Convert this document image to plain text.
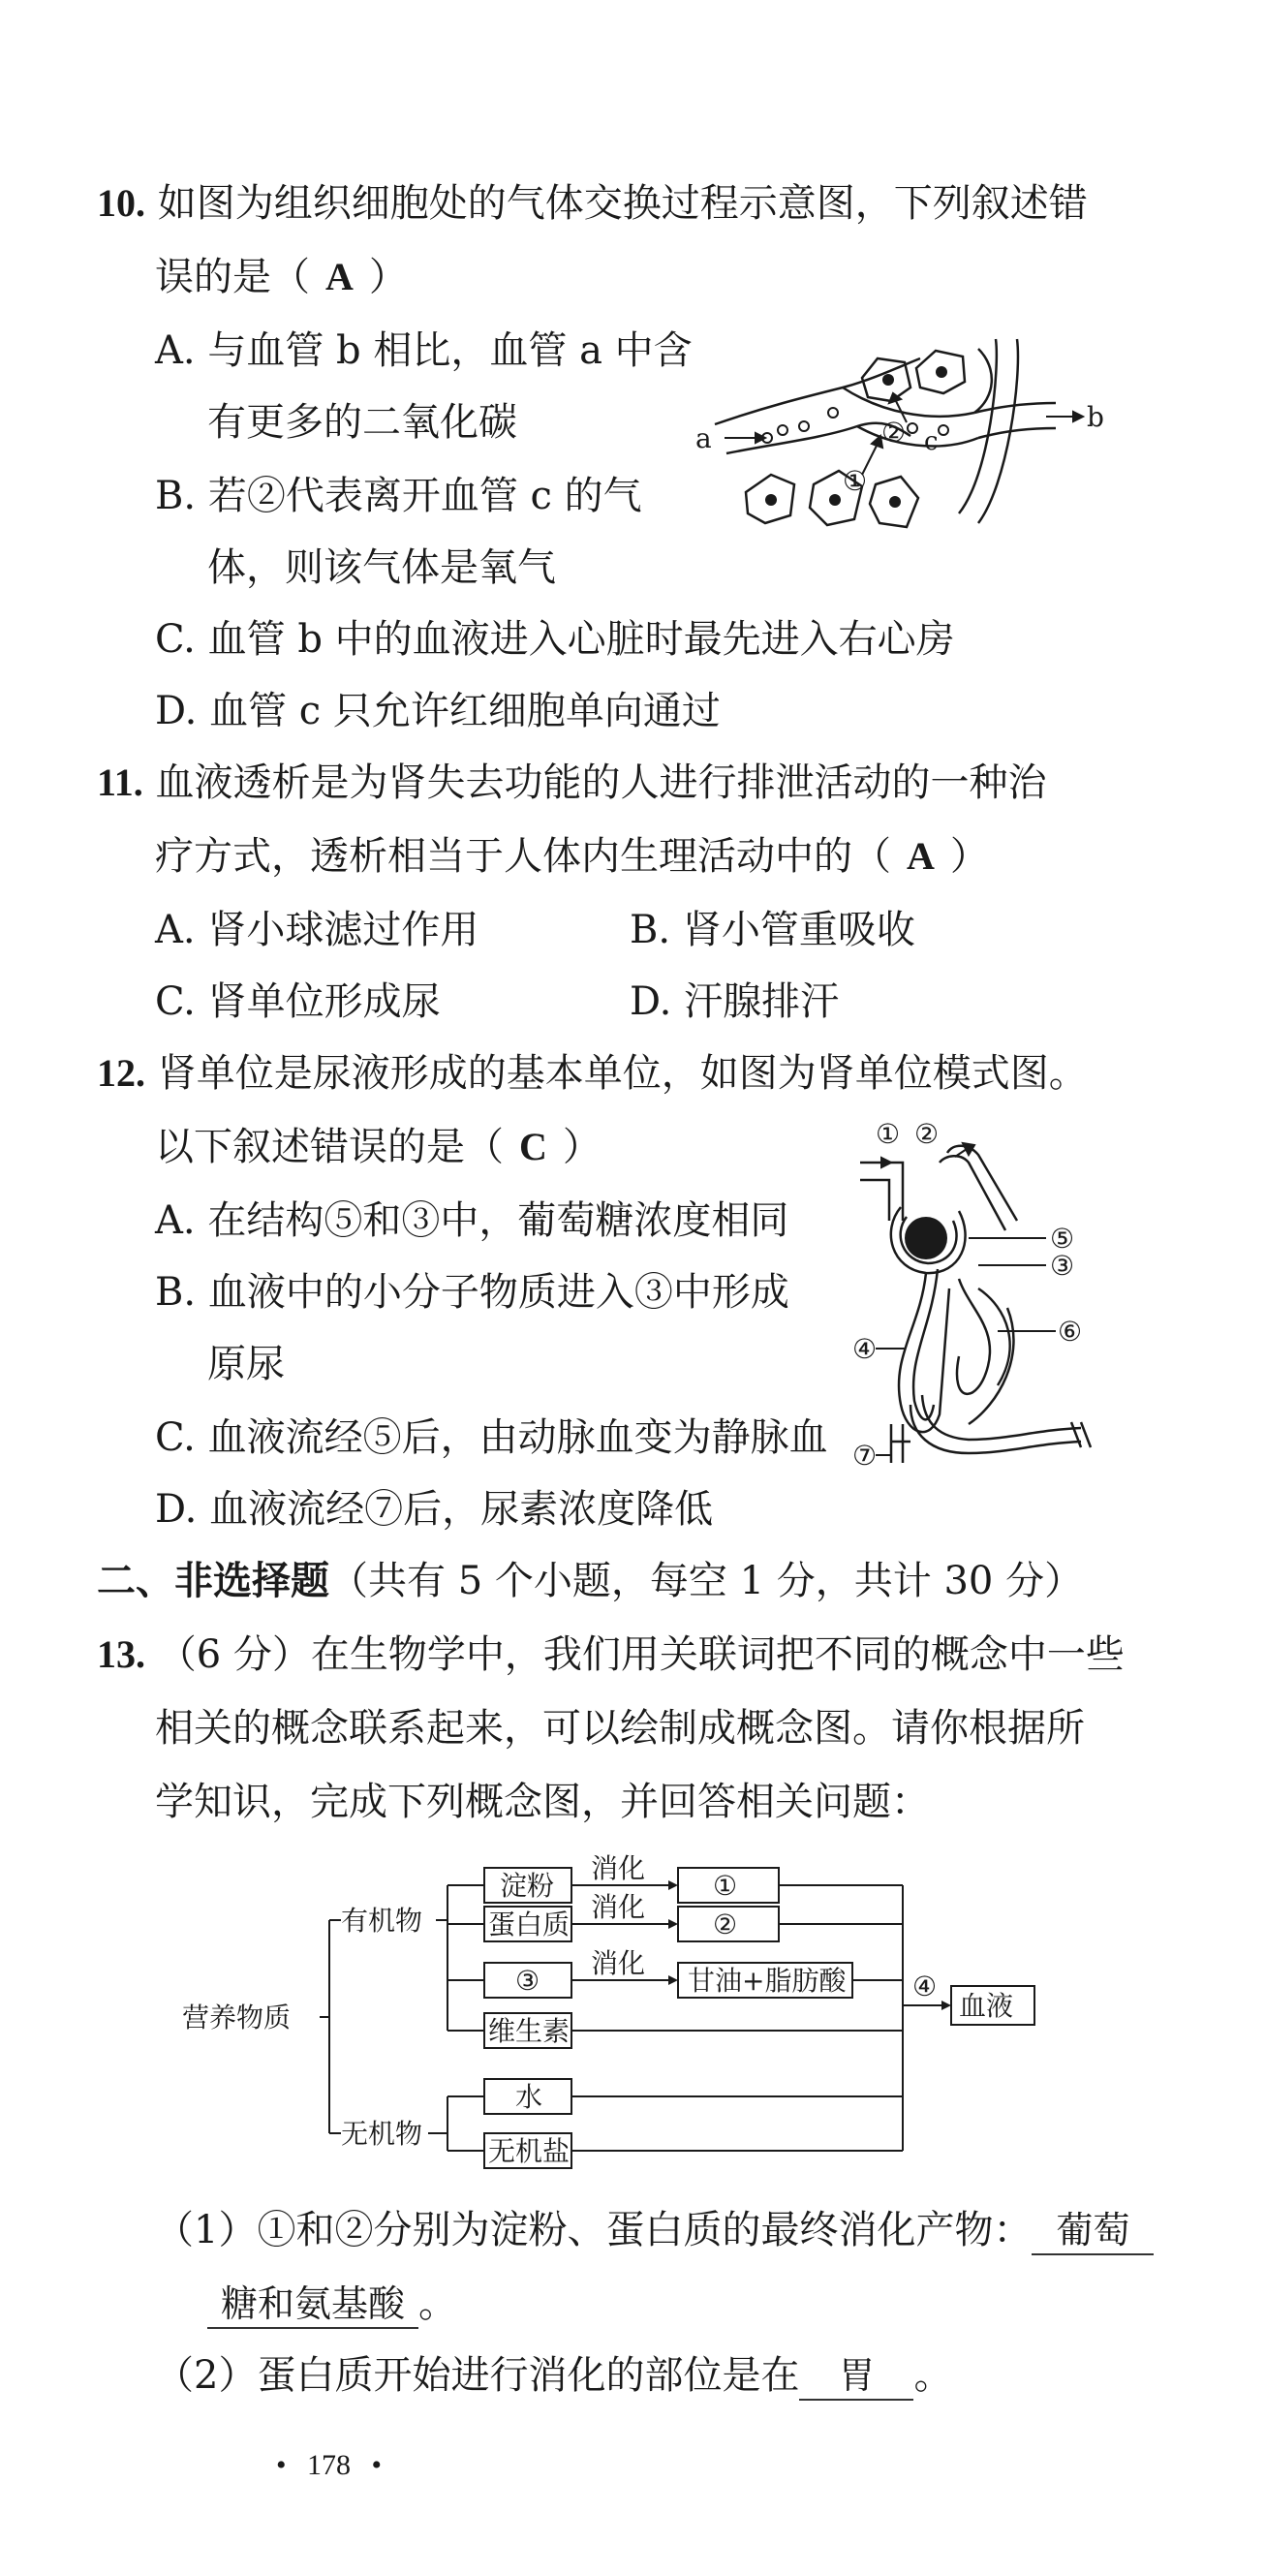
10. 如图为组织细胞处的气体交换过程示意图，下列叙述错
误的是（ A ）
A. 与血管 b 相比，血管 a 中含
有更多的二氧化碳
B. 若②代表离开血管 c 的气
体，则该气体是氧气
C. 血管 b 中的血液进入心脏时最先进入右心房
D. 血管 c 只允许红细胞单向通过
a
b
c
①
②
11. 血液透析是为肾失去功能的人进行排泄活动的一种治
疗方式，透析相当于人体内生理活动中的（ A ）
A. 肾小球滤过作用	B. 肾小管重吸收
C. 肾单位形成尿	D. 汗腺排汗
12. 肾单位是尿液形成的基本单位，如图为肾单位模式图。
以下叙述错误的是（ C ）
A. 在结构⑤和③中，葡萄糖浓度相同
B. 血液中的小分子物质进入③中形成
原尿
C. 血液流经⑤后，由动脉血变为静脉血
D. 血液流经⑦后，尿素浓度降低
① ②
⑤
③
⑥
④
⑦
二、非选择题（共有 5 个小题，每空 1 分，共计 30 分）
13. （6 分）在生物学中，我们用关联词把不同的概念中一些
相关的概念联系起来，可以绘制成概念图。请你根据所
学知识，完成下列概念图，并回答相关问题：
营养物质
有机物
无机物
淀粉
蛋白质
③
维生素
水
无机盐
消化
消化
消化
①
②
甘油+脂肪酸 ④
血液
（1）①和②分别为淀粉、蛋白质的最终消化产物： 葡萄
糖和氨基酸 。
（2）蛋白质开始进行消化的部位是在 胃 。
• 178 •
